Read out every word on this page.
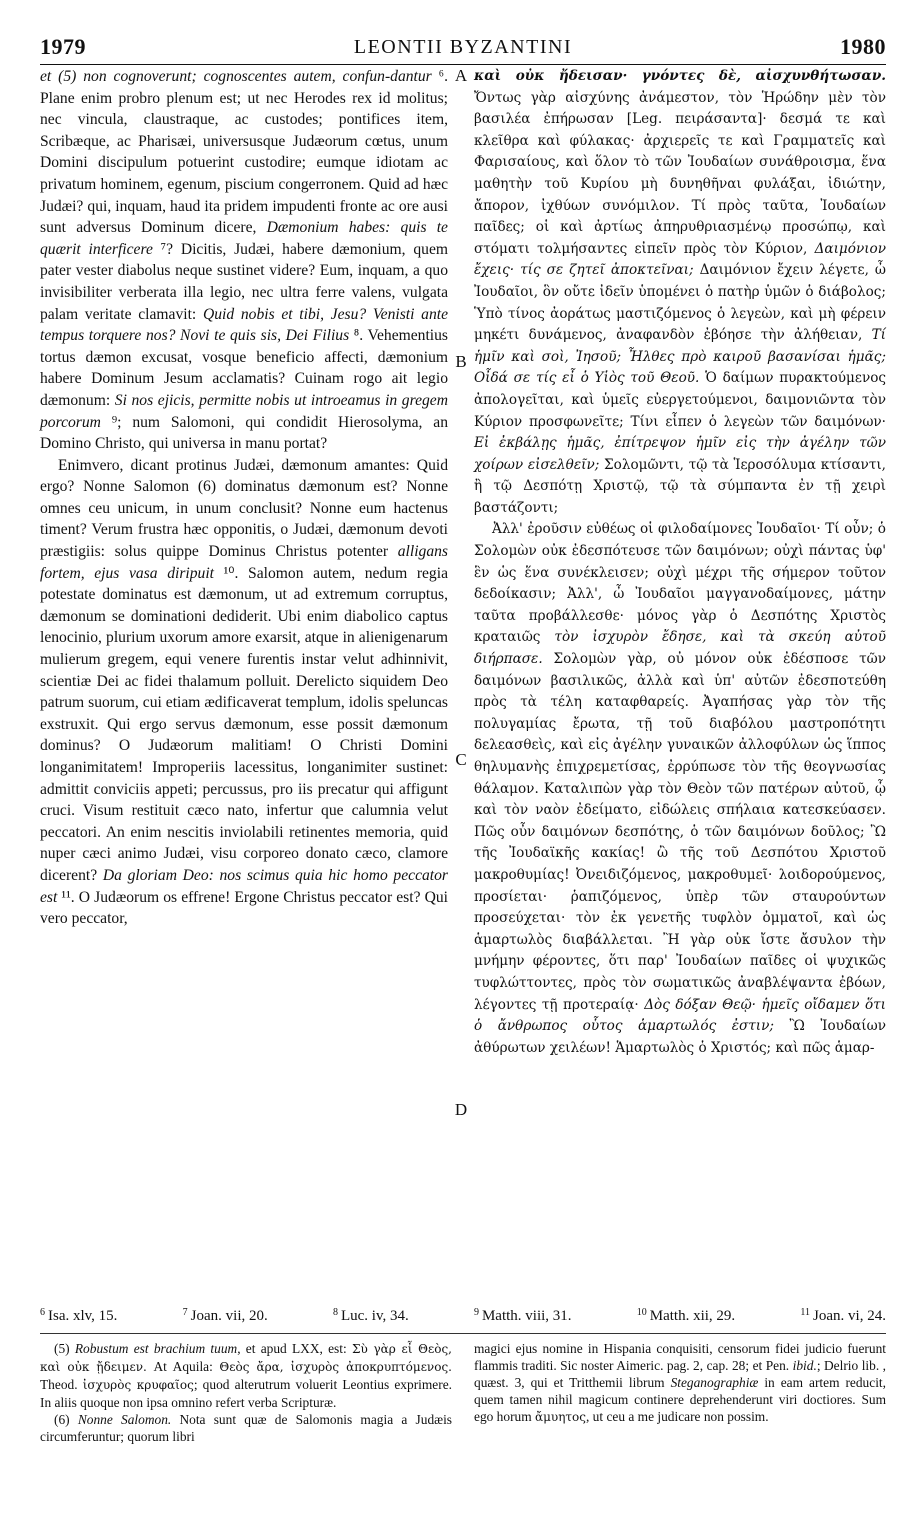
1979	LEONTII BYZANTINI	1980

et (5) non cognoverunt; cognoscentes autem, confun-dantur ⁶. Plane enim probro plenum est; ut nec Herodes rex id molitus; nec vincula, claustraque, ac custodes; pontifices item, Scribæque, ac Pharisæi, universusque Judæorum cœtus, unum Domini discipulum potuerint custodire; eumque idiotam ac privatum hominem, egenum, piscium congerronem. Quid ad hæc Judæi? qui, inquam, haud ita pridem impudenti fronte ac ore ausi sunt adversus Dominum dicere, Dæmonium habes: quis te quærit interficere ⁷? Dicitis, Judæi, habere dæmonium, quem pater vester diabolus neque sustinet videre? Eum, inquam, a quo invisibiliter verberata illa legio, nec ultra ferre valens, vulgata palam veritate clamavit: Quid nobis et tibi, Jesu? Venisti ante tempus torquere nos? Novi te quis sis, Dei Filius ⁸. Vehementius tortus dæmon excusat, vosque beneficio affecti, dæmonium habere Dominum Jesum acclamatis? Cuinam rogo ait legio dæmonum: Si nos ejicis, permitte nobis ut introeamus in gregem porcorum ⁹; num Salomoni, qui condidit Hierosolyma, an Domino Christo, qui universa in manu portat?

Enimvero, dicant protinus Judæi, dæmonum amantes: Quid ergo? Nonne Salomon (6) dominatus dæmonum est? Nonne omnes ceu unicum, in unum conclusit? Nonne eum hactenus timent? Verum frustra hæc opponitis, o Judæi, dæmonum devoti præstigiis: solus quippe Dominus Christus potenter alligans fortem, ejus vasa diripuit ¹⁰. Salomon autem, nedum regia potestate dominatus est dæmonum, ut ad extremum corruptus, dæmonum se dominationi dediderit. Ubi enim diabolico captus lenocinio, plurium uxorum amore exarsit, atque in alienigenarum mulierum gregem, equi venere furentis instar velut adhinnivit, scientiæ Dei ac fidei thalamum polluit. Derelicto siquidem Deo patrum suorum, cui etiam ædificaverat templum, idolis speluncas exstruxit. Qui ergo servus dæmonum, esse possit dæmonum dominus? O Judæorum malitiam! O Christi Domini longanimitatem! Improperiis lacessitus, longanimiter sustinet: admittit conviciis appeti; percussus, pro iis precatur qui affigunt cruci. Visum restituit cæco nato, infertur que calumnia velut peccatori. An enim nescitis inviolabili retinentes memoria, quid nuper cæci animo Judæi, visu corporeo donato cæco, clamore dicerent? Da gloriam Deo: nos scimus quia hic homo peccator est ¹¹. O Judæorum os effrene! Ergone Christus peccator est? Qui vero peccator,

A
B
C
D

καὶ οὐκ ἤδεισαν· γνόντες δὲ, αἰσχυνθήτωσαν. Ὄντως γὰρ αἰσχύνης ἀνάμεστον, τὸν Ἡρώδην μὲν τὸν βασιλέα ἐπήρωσαν [Leg. πειράσαντα]· δεσμά τε καὶ κλεῖθρα καὶ φύλακας· ἀρχιερεῖς τε καὶ Γραμματεῖς καὶ Φαρισαίους, καὶ ὅλον τὸ τῶν Ἰουδαίων συνάθροισμα, ἕνα μαθητὴν τοῦ Κυρίου μὴ δυνηθῆναι φυλάξαι, ἰδιώτην, ἄπορον, ἰχθύων συνόμιλον. Τί πρὸς ταῦτα, Ἰουδαίων παῖδες; οἱ καὶ ἀρτίως ἀπηρυθριασμένῳ προσώπῳ, καὶ στόματι τολμήσαντες εἰπεῖν πρὸς τὸν Κύριον, Δαιμόνιον ἔχεις· τίς σε ζητεῖ ἀποκτεῖναι; Δαιμόνιον ἔχειν λέγετε, ὦ Ἰουδαῖοι, ὃν οὔτε ἰδεῖν ὑπομένει ὁ πατὴρ ὑμῶν ὁ διάβολος; Ὑπὸ τίνος ἀοράτως μαστιζόμενος ὁ λεγεὼν, καὶ μὴ φέρειν μηκέτι δυνάμενος, ἀναφανδὸν ἐβόησε τὴν ἀλήθειαν, Τί ἡμῖν καὶ σοὶ, Ἰησοῦ; Ἦλθες πρὸ καιροῦ βασανίσαι ἡμᾶς; Οἶδά σε τίς εἶ ὁ Υἱὸς τοῦ Θεοῦ. Ὁ δαίμων πυρακτούμενος ἀπολογεῖται, καὶ ὑμεῖς εὐεργετούμενοι, δαιμονιῶντα τὸν Κύριον προσφωνεῖτε; Τίνι εἶπεν ὁ λεγεὼν τῶν δαιμόνων· Εἰ ἐκβάλῃς ἡμᾶς, ἐπίτρεψον ἡμῖν εἰς τὴν ἀγέλην τῶν χοίρων εἰσελθεῖν; Σολομῶντι, τῷ τὰ Ἱεροσόλυμα κτίσαντι, ἢ τῷ Δεσπότῃ Χριστῷ, τῷ τὰ σύμπαντα ἐν τῇ χειρὶ βαστάζοντι;

Ἀλλ' ἐροῦσιν εὐθέως οἱ φιλοδαίμονες Ἰουδαῖοι· Τί οὖν; ὁ Σολομὼν οὐκ ἐδεσπότευσε τῶν δαιμόνων; οὐχὶ πάντας ὑφ' ἓν ὡς ἕνα συνέκλεισεν; οὐχὶ μέχρι τῆς σήμερον τοῦτον δεδοίκασιν; Ἀλλ', ὦ Ἰουδαῖοι μαγγανοδαίμονες, μάτην ταῦτα προβάλλεσθε· μόνος γὰρ ὁ Δεσπότης Χριστὸς κραταιῶς τὸν ἰσχυρὸν ἔδησε, καὶ τὰ σκεύη αὐτοῦ διήρπασε. Σολομὼν γὰρ, οὐ μόνον οὐκ ἐδέσποσε τῶν δαιμόνων βασιλικῶς, ἀλλὰ καὶ ὑπ' αὐτῶν ἐδεσποτεύθη πρὸς τὰ τέλη καταφθαρείς. Ἀγαπήσας γὰρ τὸν τῆς πολυγαμίας ἔρωτα, τῇ τοῦ διαβόλου μαστροπότητι δελεασθεὶς, καὶ εἰς ἀγέλην γυναικῶν ἀλλοφύλων ὡς ἵππος θηλυμανὴς ἐπιχρεμετίσας, ἐρρύπωσε τὸν τῆς θεογνωσίας θάλαμον. Καταλιπὼν γὰρ τὸν Θεὸν τῶν πατέρων αὐτοῦ, ᾧ καὶ τὸν ναὸν ἐδείματο, εἰδώλεις σπήλαια κατεσκεύασεν. Πῶς οὖν δαιμόνων δεσπότης, ὁ τῶν δαιμόνων δοῦλος; Ὢ τῆς Ἰουδαϊκῆς κακίας! ὢ τῆς τοῦ Δεσπότου Χριστοῦ μακροθυμίας! Ὀνειδιζόμενος, μακροθυμεῖ· λοιδορούμενος, προσίεται· ῥαπιζόμενος, ὑπὲρ τῶν σταυρούντων προσεύχεται· τὸν ἐκ γενετῆς τυφλὸν ὀμματοῖ, καὶ ὡς ἁμαρτωλὸς διαβάλλεται. Ἢ γὰρ οὐκ ἴστε ἄσυλον τὴν μνήμην φέροντες, ὅτι παρ' Ἰουδαίων παῖδες οἱ ψυχικῶς τυφλώττοντες, πρὸς τὸν σωματικῶς ἀναβλέψαντα ἐβόων, λέγοντες τῇ προτεραίᾳ· Δὸς δόξαν Θεῷ· ἡμεῖς οἴδαμεν ὅτι ὁ ἄνθρωπος οὗτος ἁμαρτωλός ἐστιν; Ὢ Ἰουδαίων ἀθύρωτων χειλέων! Ἁμαρτωλὸς ὁ Χριστός; καὶ πῶς ἁμαρ-

$^6$ Isa. xlv, 15.	$^7$ Joan. vii, 20.	$^8$ Luc. iv, 34.	$^9$ Matth. viii, 31.	$^{10}$ Matth. xii, 29.	$^{11}$ Joan. vi, 24.

(5) Robustum est brachium tuum, et apud LXX, est: Σὺ γὰρ εἶ Θεὸς, καὶ οὐκ ᾔδειμεν. At Aquila: Θεὸς ἄρα, ἰσχυρὸς ἀποκρυπτόμενος. Theod. ἰσχυρὸς κρυφαῖος; quod alterutrum voluerit Leontius exprimere. In aliis quoque non ipsa omnino refert verba Scripturæ.

(6) Nonne Salomon. Nota sunt quæ de Salomonis magia a Judæis circumferuntur; quorum libri

magici ejus nomine in Hispania conquisiti, censorum fidei judicio fuerunt flammis traditi. Sic noster Aimeric. pag. 2, cap. 28; et Pen. ibid.; Delrio lib. , quæst. 3, qui et Tritthemii librum Steganographiæ in eam artem reducit, quem tamen nihil magicum continere deprehenderunt viri doctiores. Sum ego horum ἄμυητος, ut ceu a me judicare non possim.
